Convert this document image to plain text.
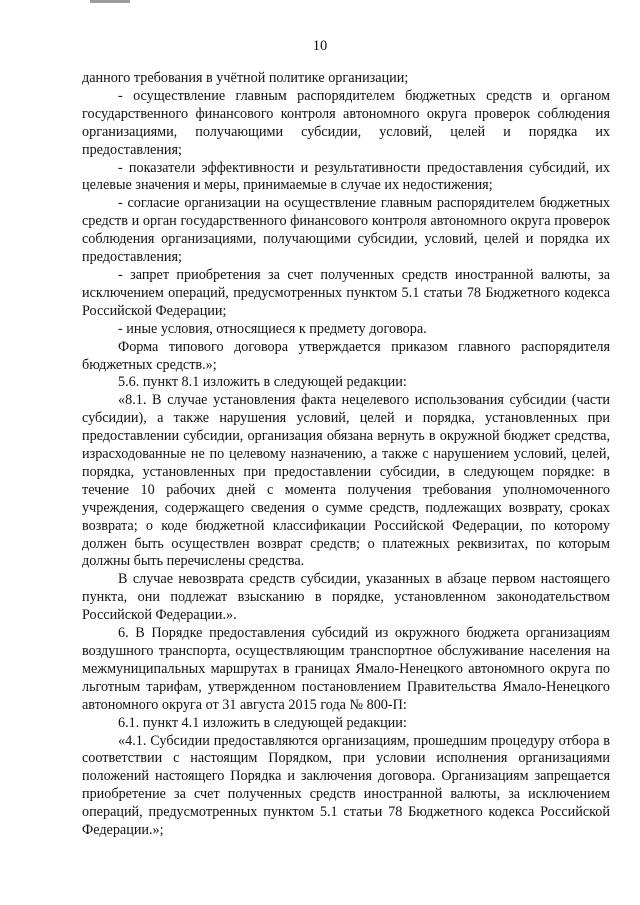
10

данного требования в учётной политике организации;

- осуществление главным распорядителем бюджетных средств и органом государственного финансового контроля автономного округа проверок соблюдения организациями, получающими субсидии, условий, целей и порядка их предоставления;

- показатели эффективности и результативности предоставления субсидий, их целевые значения и меры, принимаемые в случае их недостижения;

- согласие организации на осуществление главным распорядителем бюджетных средств и орган государственного финансового контроля автономного округа проверок соблюдения организациями, получающими субсидии, условий, целей и порядка их предоставления;

- запрет приобретения за счет полученных средств иностранной валюты, за исключением операций, предусмотренных пунктом 5.1 статьи 78 Бюджетного кодекса Российской Федерации;

- иные условия, относящиеся к предмету договора.

Форма типового договора утверждается приказом главного распорядителя бюджетных средств.»;

5.6. пункт 8.1 изложить в следующей редакции:

«8.1. В случае установления факта нецелевого использования субсидии (части субсидии), а также нарушения условий, целей и порядка, установленных при предоставлении субсидии, организация обязана вернуть в окружной бюджет средства, израсходованные не по целевому назначению, а также с нарушением условий, целей, порядка, установленных при предоставлении субсидии, в следующем порядке: в течение 10 рабочих дней с момента получения требования уполномоченного учреждения, содержащего сведения о сумме средств, подлежащих возврату, сроках возврата; о коде бюджетной классификации Российской Федерации, по которому должен быть осуществлен возврат средств; о платежных реквизитах, по которым должны быть перечислены средства.

В случае невозврата средств субсидии, указанных в абзаце первом настоящего пункта, они подлежат взысканию в порядке, установленном законодательством Российской Федерации.».

6. В Порядке предоставления субсидий из окружного бюджета организациям воздушного транспорта, осуществляющим транспортное обслуживание населения на межмуниципальных маршрутах в границах Ямало-Ненецкого автономного округа по льготным тарифам, утвержденном постановлением Правительства Ямало-Ненецкого автономного округа от 31 августа 2015 года № 800-П:

6.1. пункт 4.1 изложить в следующей редакции:

«4.1. Субсидии предоставляются организациям, прошедшим процедуру отбора в соответствии с настоящим Порядком, при условии исполнения организациями положений настоящего Порядка и заключения договора. Организациям запрещается приобретение за счет полученных средств иностранной валюты, за исключением операций, предусмотренных пунктом 5.1 статьи 78 Бюджетного кодекса Российской Федерации.»;
